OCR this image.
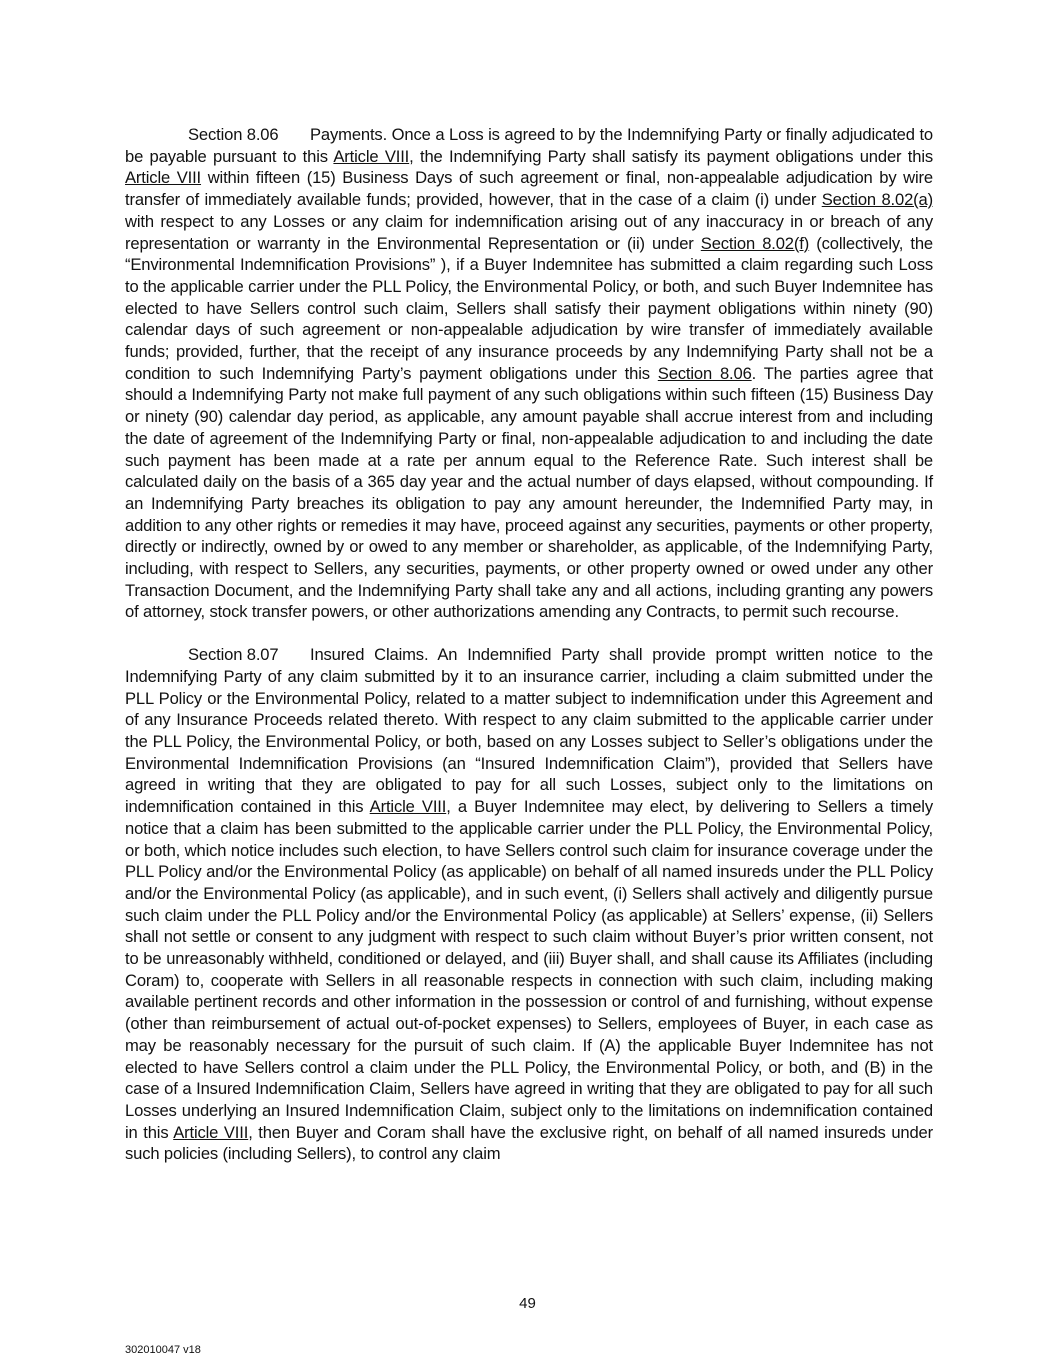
Section 8.06 Payments. Once a Loss is agreed to by the Indemnifying Party or finally adjudicated to be payable pursuant to this Article VIII, the Indemnifying Party shall satisfy its payment obligations under this Article VIII within fifteen (15) Business Days of such agreement or final, non-appealable adjudication by wire transfer of immediately available funds; provided, however, that in the case of a claim (i) under Section 8.02(a) with respect to any Losses or any claim for indemnification arising out of any inaccuracy in or breach of any representation or warranty in the Environmental Representation or (ii) under Section 8.02(f) (collectively, the “Environmental Indemnification Provisions” ), if a Buyer Indemnitee has submitted a claim regarding such Loss to the applicable carrier under the PLL Policy, the Environmental Policy, or both, and such Buyer Indemnitee has elected to have Sellers control such claim, Sellers shall satisfy their payment obligations within ninety (90) calendar days of such agreement or non-appealable adjudication by wire transfer of immediately available funds; provided, further, that the receipt of any insurance proceeds by any Indemnifying Party shall not be a condition to such Indemnifying Party’s payment obligations under this Section 8.06. The parties agree that should a Indemnifying Party not make full payment of any such obligations within such fifteen (15) Business Day or ninety (90) calendar day period, as applicable, any amount payable shall accrue interest from and including the date of agreement of the Indemnifying Party or final, non-appealable adjudication to and including the date such payment has been made at a rate per annum equal to the Reference Rate. Such interest shall be calculated daily on the basis of a 365 day year and the actual number of days elapsed, without compounding. If an Indemnifying Party breaches its obligation to pay any amount hereunder, the Indemnified Party may, in addition to any other rights or remedies it may have, proceed against any securities, payments or other property, directly or indirectly, owned by or owed to any member or shareholder, as applicable, of the Indemnifying Party, including, with respect to Sellers, any securities, payments, or other property owned or owed under any other Transaction Document, and the Indemnifying Party shall take any and all actions, including granting any powers of attorney, stock transfer powers, or other authorizations amending any Contracts, to permit such recourse.

Section 8.07 Insured Claims. An Indemnified Party shall provide prompt written notice to the Indemnifying Party of any claim submitted by it to an insurance carrier, including a claim submitted under the PLL Policy or the Environmental Policy, related to a matter subject to indemnification under this Agreement and of any Insurance Proceeds related thereto. With respect to any claim submitted to the applicable carrier under the PLL Policy, the Environmental Policy, or both, based on any Losses subject to Seller’s obligations under the Environmental Indemnification Provisions (an “Insured Indemnification Claim”), provided that Sellers have agreed in writing that they are obligated to pay for all such Losses, subject only to the limitations on indemnification contained in this Article VIII, a Buyer Indemnitee may elect, by delivering to Sellers a timely notice that a claim has been submitted to the applicable carrier under the PLL Policy, the Environmental Policy, or both, which notice includes such election, to have Sellers control such claim for insurance coverage under the PLL Policy and/or the Environmental Policy (as applicable) on behalf of all named insureds under the PLL Policy and/or the Environmental Policy (as applicable), and in such event, (i) Sellers shall actively and diligently pursue such claim under the PLL Policy and/or the Environmental Policy (as applicable) at Sellers’ expense, (ii) Sellers shall not settle or consent to any judgment with respect to such claim without Buyer’s prior written consent, not to be unreasonably withheld, conditioned or delayed, and (iii) Buyer shall, and shall cause its Affiliates (including Coram) to, cooperate with Sellers in all reasonable respects in connection with such claim, including making available pertinent records and other information in the possession or control of and furnishing, without expense (other than reimbursement of actual out-of-pocket expenses) to Sellers, employees of Buyer, in each case as may be reasonably necessary for the pursuit of such claim. If (A) the applicable Buyer Indemnitee has not elected to have Sellers control a claim under the PLL Policy, the Environmental Policy, or both, and (B) in the case of a Insured Indemnification Claim, Sellers have agreed in writing that they are obligated to pay for all such Losses underlying an Insured Indemnification Claim, subject only to the limitations on indemnification contained in this Article VIII, then Buyer and Coram shall have the exclusive right, on behalf of all named insureds under such policies (including Sellers), to control any claim

49
302010047 v18
